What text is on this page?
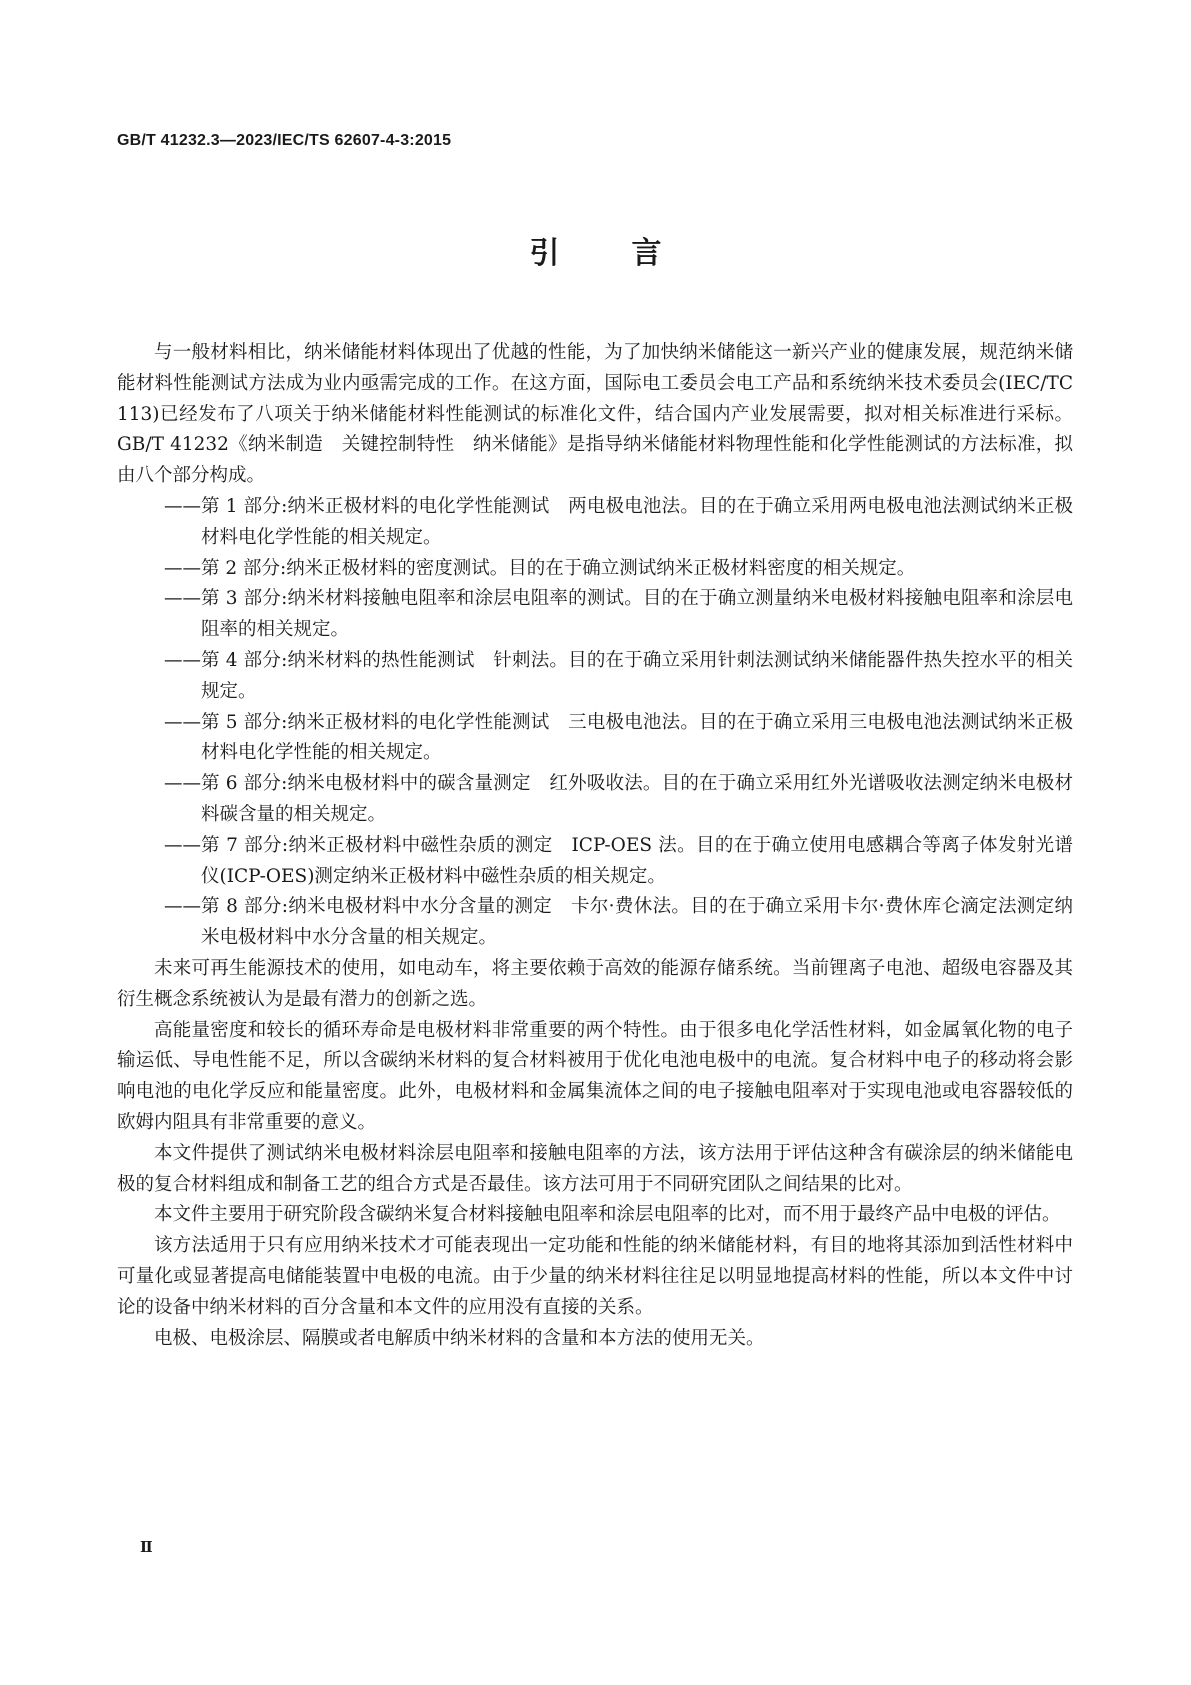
GB/T 41232.3—2023/IEC/TS 62607-4-3:2015
引言

与一般材料相比，纳米储能材料体现出了优越的性能，为了加快纳米储能这一新兴产业的健康发展，规范纳米储能材料性能测试方法成为业内亟需完成的工作。在这方面，国际电工委员会电工产品和系统纳米技术委员会(IEC/TC 113)已经发布了八项关于纳米储能材料性能测试的标准化文件，结合国内产业发展需要，拟对相关标准进行采标。GB/T 41232《纳米制造　关键控制特性　纳米储能》是指导纳米储能材料物理性能和化学性能测试的方法标准，拟由八个部分构成。

—— 第 1 部分:纳米正极材料的电化学性能测试　两电极电池法。目的在于确立采用两电极电池法测试纳米正极材料电化学性能的相关规定。
—— 第 2 部分:纳米正极材料的密度测试。目的在于确立测试纳米正极材料密度的相关规定。
—— 第 3 部分:纳米材料接触电阻率和涂层电阻率的测试。目的在于确立测量纳米电极材料接触电阻率和涂层电阻率的相关规定。
—— 第 4 部分:纳米材料的热性能测试　针刺法。目的在于确立采用针刺法测试纳米储能器件热失控水平的相关规定。
—— 第 5 部分:纳米正极材料的电化学性能测试　三电极电池法。目的在于确立采用三电极电池法测试纳米正极材料电化学性能的相关规定。
—— 第 6 部分:纳米电极材料中的碳含量测定　红外吸收法。目的在于确立采用红外光谱吸收法测定纳米电极材料碳含量的相关规定。
—— 第 7 部分:纳米正极材料中磁性杂质的测定　ICP-OES 法。目的在于确立使用电感耦合等离子体发射光谱仪(ICP-OES)测定纳米正极材料中磁性杂质的相关规定。
—— 第 8 部分:纳米电极材料中水分含量的测定　卡尔·费休法。目的在于确立采用卡尔·费休库仑滴定法测定纳米电极材料中水分含量的相关规定。

未来可再生能源技术的使用，如电动车，将主要依赖于高效的能源存储系统。当前锂离子电池、超级电容器及其衍生概念系统被认为是最有潜力的创新之选。

高能量密度和较长的循环寿命是电极材料非常重要的两个特性。由于很多电化学活性材料，如金属氧化物的电子输运低、导电性能不足，所以含碳纳米材料的复合材料被用于优化电池电极中的电流。复合材料中电子的移动将会影响电池的电化学反应和能量密度。此外，电极材料和金属集流体之间的电子接触电阻率对于实现电池或电容器较低的欧姆内阻具有非常重要的意义。

本文件提供了测试纳米电极材料涂层电阻率和接触电阻率的方法，该方法用于评估这种含有碳涂层的纳米储能电极的复合材料组成和制备工艺的组合方式是否最佳。该方法可用于不同研究团队之间结果的比对。

本文件主要用于研究阶段含碳纳米复合材料接触电阻率和涂层电阻率的比对，而不用于最终产品中电极的评估。

该方法适用于只有应用纳米技术才可能表现出一定功能和性能的纳米储能材料，有目的地将其添加到活性材料中可量化或显著提高电储能装置中电极的电流。由于少量的纳米材料往往足以明显地提高材料的性能，所以本文件中讨论的设备中纳米材料的百分含量和本文件的应用没有直接的关系。

电极、电极涂层、隔膜或者电解质中纳米材料的含量和本方法的使用无关。

Ⅱ
